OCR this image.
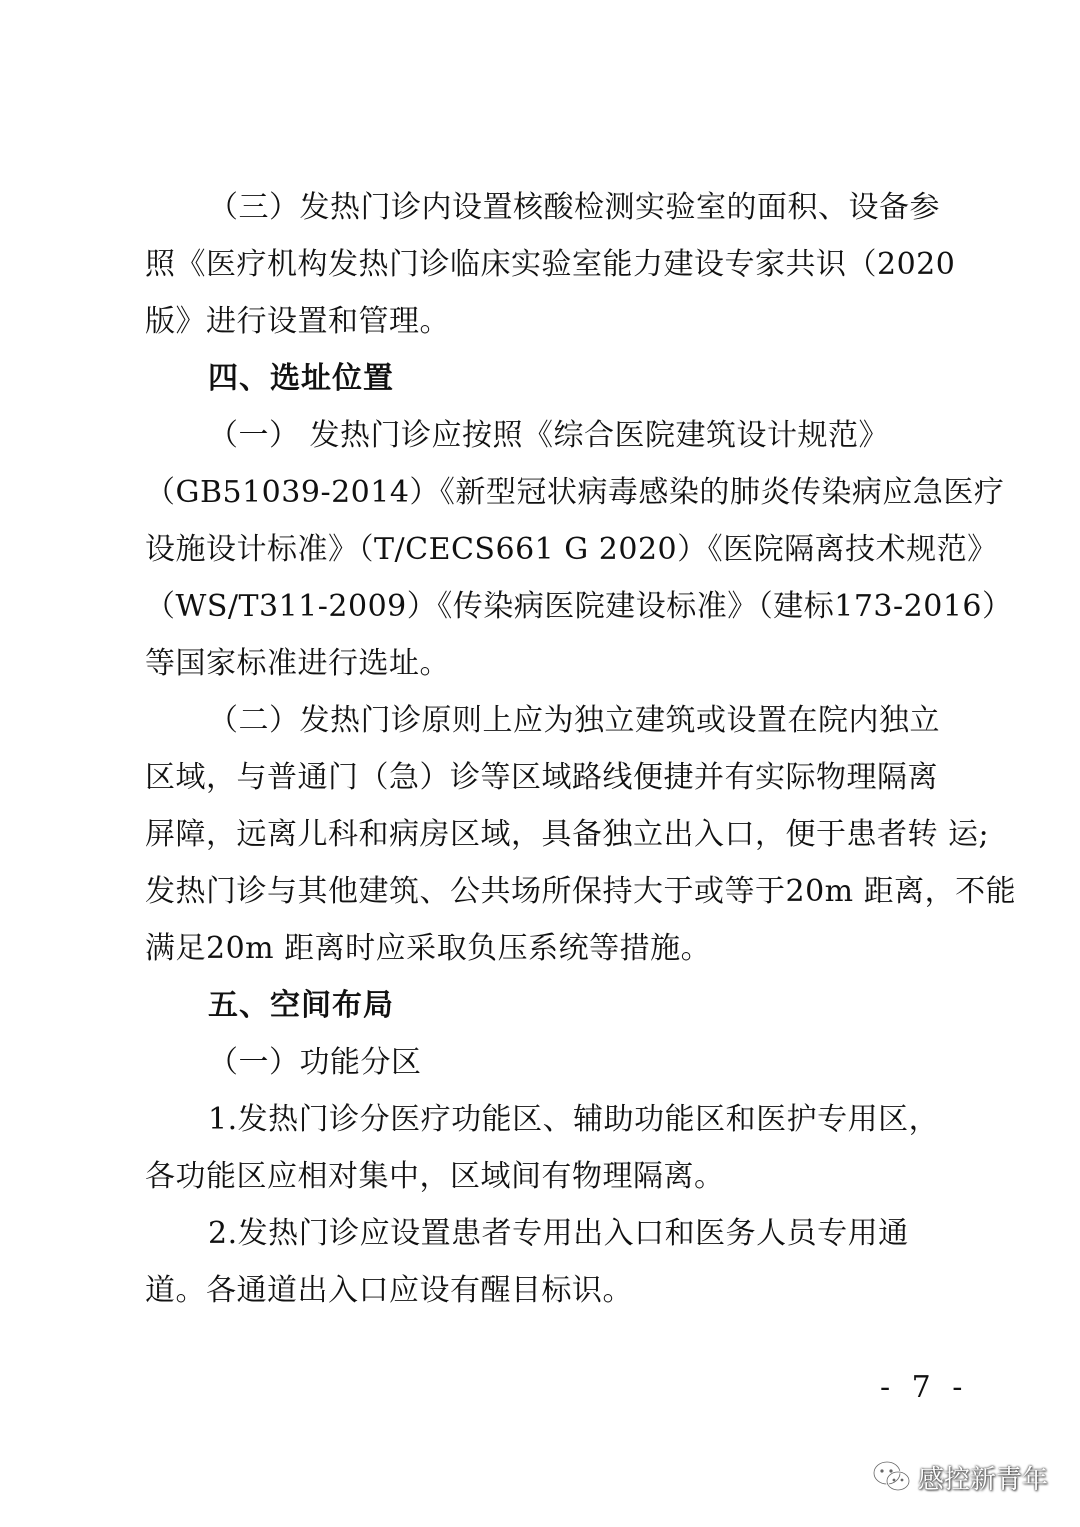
（三）发热门诊内设置核酸检测实验室的面积、设备参
照《医疗机构发热门诊临床实验室能力建设专家共识（2020
版》进行设置和管理。
四、选址位置
（一） 发热门诊应按照《综合医院建筑设计规范》
（GB51039-2014）《新型冠状病毒感染的肺炎传染病应急医疗
设施设计标准》（T/CECS661 G 2020）《医院隔离技术规范》
（WS/T311-2009）《传染病医院建设标准》（建标173-2016）
等国家标准进行选址。
（二）发热门诊原则上应为独立建筑或设置在院内独立
区域，与普通门（急）诊等区域路线便捷并有实际物理隔离
屏障，远离儿科和病房区域，具备独立出入口，便于患者转 运;
发热门诊与其他建筑、公共场所保持大于或等于20m 距离，不能
满足20m 距离时应采取负压系统等措施。
五、空间布局
（一）功能分区
1.发热门诊分医疗功能区、辅助功能区和医护专用区，
各功能区应相对集中，区域间有物理隔离。
2.发热门诊应设置患者专用出入口和医务人员专用通
道。各通道出入口应设有醒目标识。
- 7 -
感控新青年
